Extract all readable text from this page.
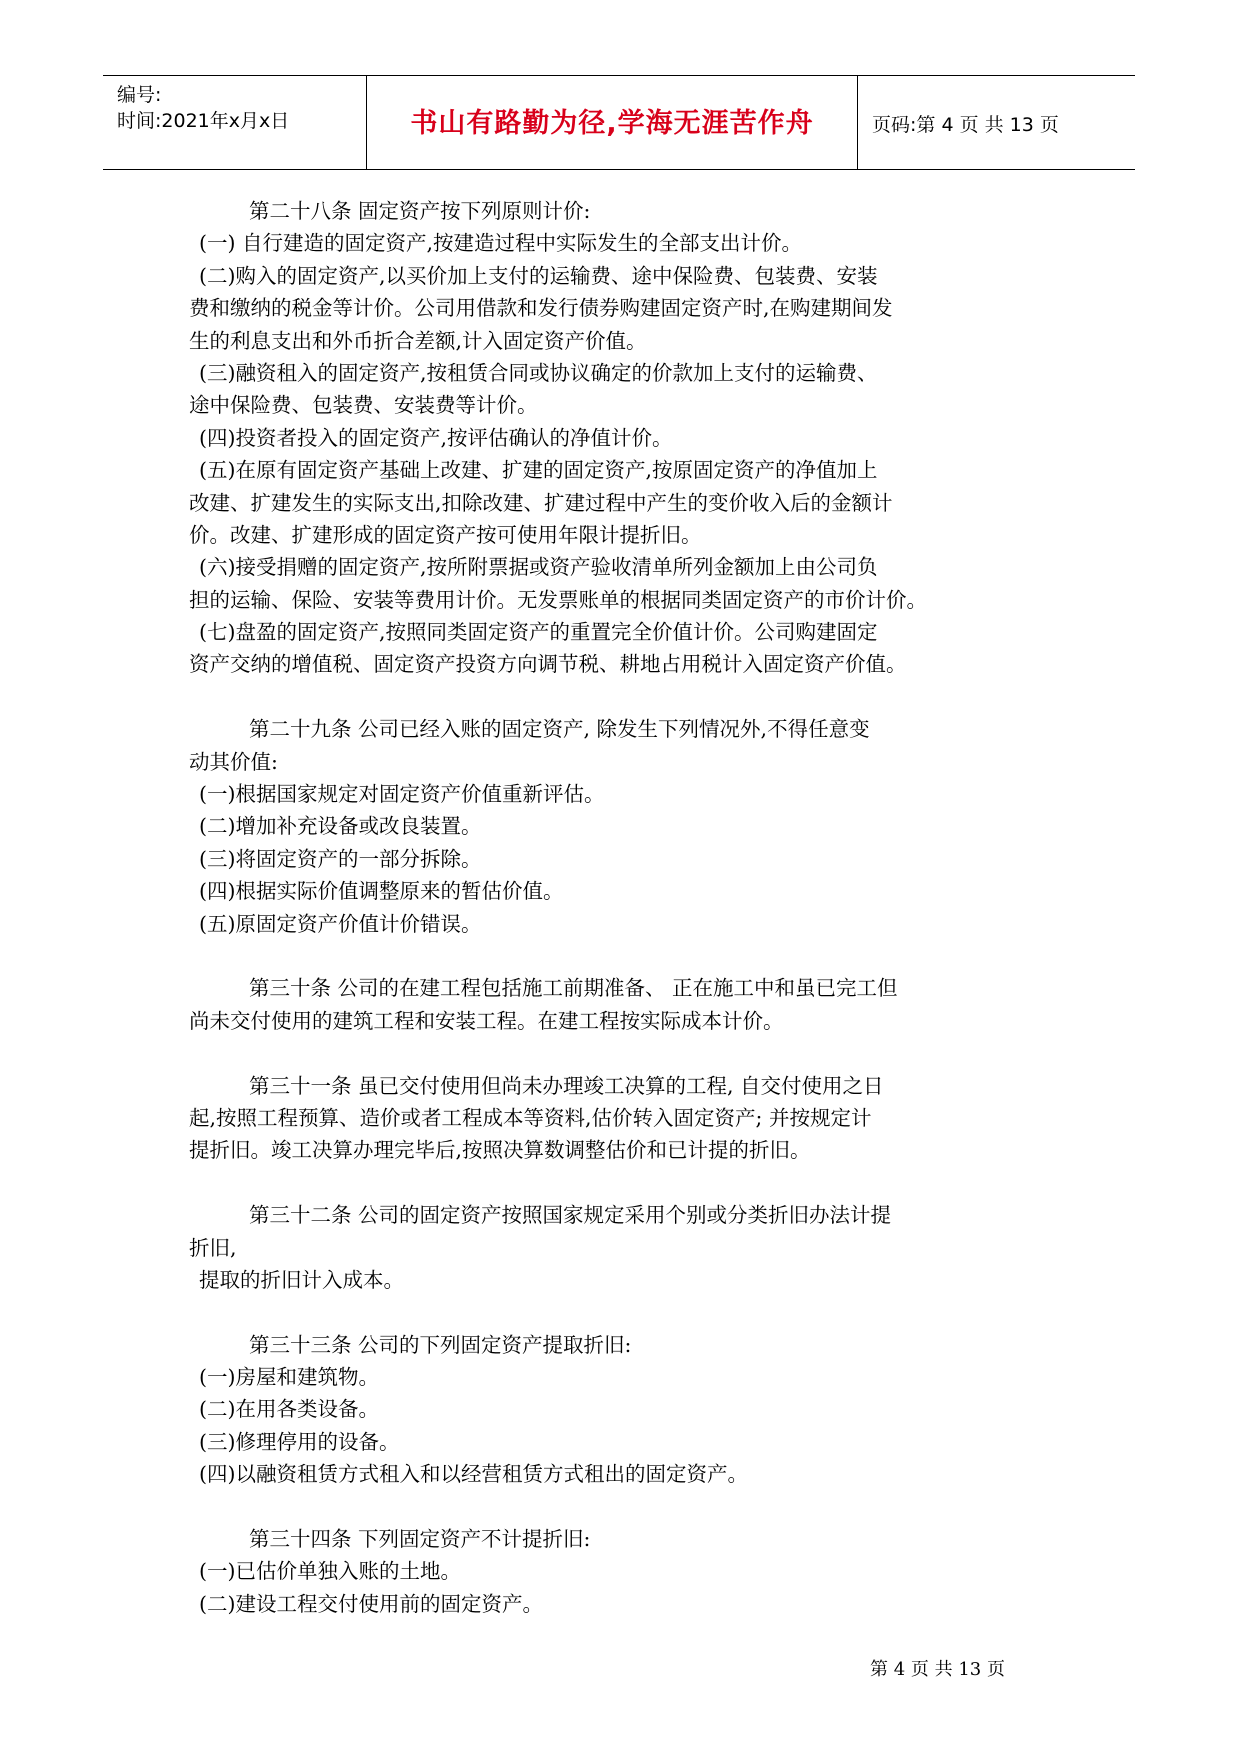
编号:
时间:2021年x月x日	书山有路勤为径,学海无涯苦作舟	页码:第 4 页 共 13 页
第二十八条 固定资产按下列原则计价:
(一) 自行建造的固定资产,按建造过程中实际发生的全部支出计价。
(二)购入的固定资产,以买价加上支付的运输费、途中保险费、包装费、安装
费和缴纳的税金等计价。公司用借款和发行债券购建固定资产时,在购建期间发
生的利息支出和外币折合差额,计入固定资产价值。
(三)融资租入的固定资产,按租赁合同或协议确定的价款加上支付的运输费、
途中保险费、包装费、安装费等计价。
(四)投资者投入的固定资产,按评估确认的净值计价。
(五)在原有固定资产基础上改建、扩建的固定资产,按原固定资产的净值加上
改建、扩建发生的实际支出,扣除改建、扩建过程中产生的变价收入后的金额计
价。改建、扩建形成的固定资产按可使用年限计提折旧。
(六)接受捐赠的固定资产,按所附票据或资产验收清单所列金额加上由公司负
担的运输、保险、安装等费用计价。无发票账单的根据同类固定资产的市价计价。
(七)盘盈的固定资产,按照同类固定资产的重置完全价值计价。公司购建固定
资产交纳的增值税、固定资产投资方向调节税、耕地占用税计入固定资产价值。
第二十九条 公司已经入账的固定资产, 除发生下列情况外,不得任意变
动其价值:
(一)根据国家规定对固定资产价值重新评估。
(二)增加补充设备或改良装置。
(三)将固定资产的一部分拆除。
(四)根据实际价值调整原来的暂估价值。
(五)原固定资产价值计价错误。
第三十条 公司的在建工程包括施工前期准备、 正在施工中和虽已完工但
尚未交付使用的建筑工程和安装工程。在建工程按实际成本计价。
第三十一条 虽已交付使用但尚未办理竣工决算的工程, 自交付使用之日
起,按照工程预算、造价或者工程成本等资料,估价转入固定资产; 并按规定计
提折旧。竣工决算办理完毕后,按照决算数调整估价和已计提的折旧。
第三十二条 公司的固定资产按照国家规定采用个别或分类折旧办法计提
折旧,
提取的折旧计入成本。
第三十三条 公司的下列固定资产提取折旧:
(一)房屋和建筑物。
(二)在用各类设备。
(三)修理停用的设备。
(四)以融资租赁方式租入和以经营租赁方式租出的固定资产。
第三十四条 下列固定资产不计提折旧:
(一)已估价单独入账的土地。
(二)建设工程交付使用前的固定资产。
第 4 页 共 13 页
